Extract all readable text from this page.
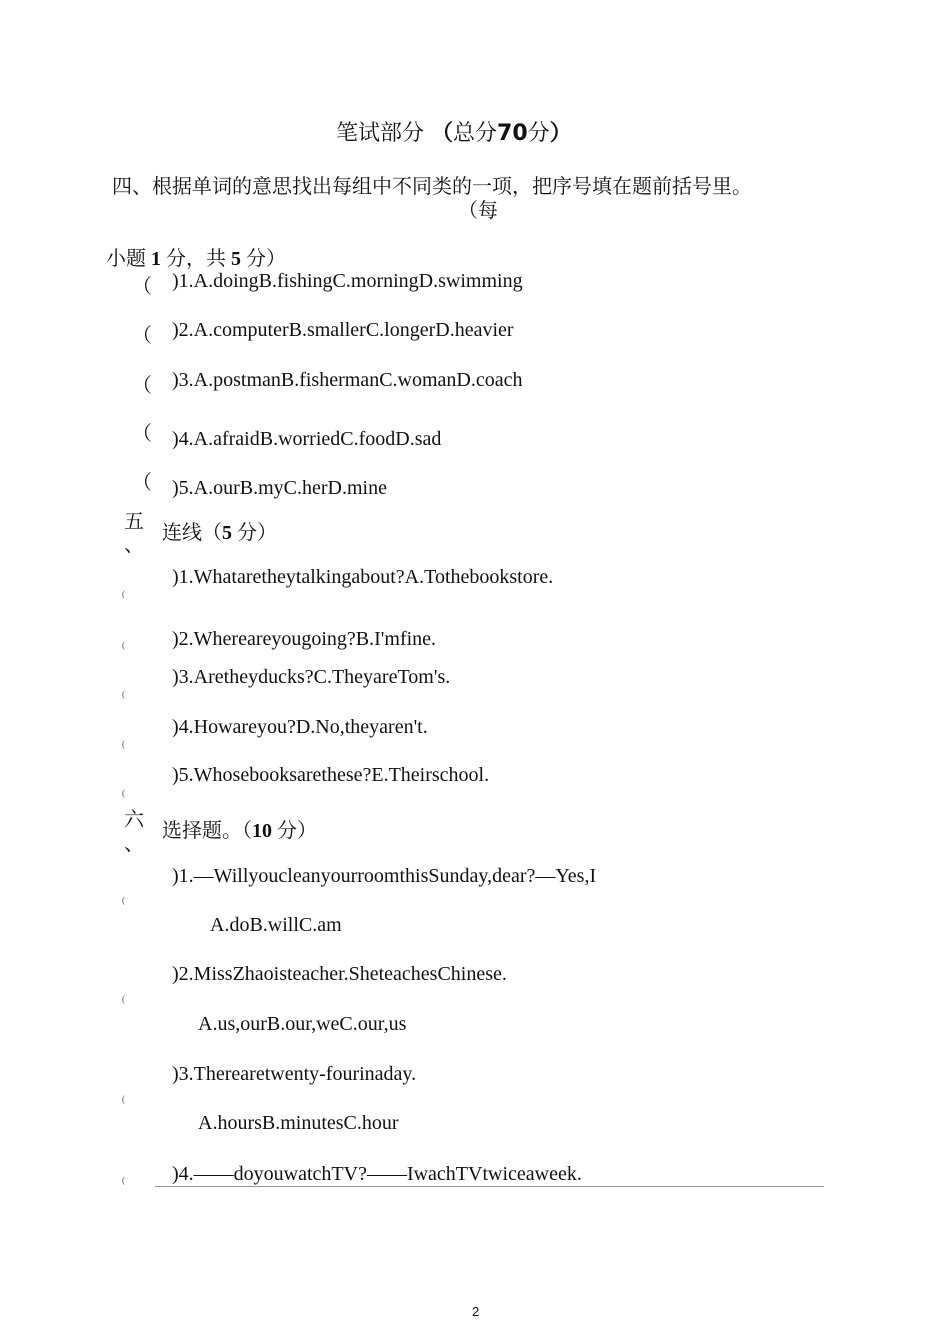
笔试部分 （总分70分）
四、根据单词的意思找出每组中不同类的一项，把序号填在题前括号里。
（每
小题 1 分，共 5 分）
（ )1.A.doingB.fishingC.morningD.swimming
（ )2.A.computerB.smallerC.longerD.heavier
（ )3.A.postmanB.fishermanC.womanD.coach
（ )4.A.afraidB.worriedC.foodD.sad
（ )5.A.ourB.myC.herD.mine
五
、
连线（5 分）
(
)1.Whataretheytalkingabout?A.Tothebookstore.
( )2.Whereareyougoing?B.I'mfine.
(
)3.Aretheyducks?C.TheyareTom's.
(
)4.Howareyou?D.No,theyaren't.
(
)5.Whosebooksarethese?E.Theirschool.
六
、
选择题。（10 分）
(
)1.—WillyoucleanyourroomthisSunday,dear?—Yes,I
A.doB.willC.am
(
)2.MissZhaoisteacher.SheteachesChinese.
A.us,ourB.our,weC.our,us
(
)3.Therearetwenty-fourinaday.
A.hoursB.minutesC.hour
( )4.——doyouwatchTV?——IwachTVtwiceaweek.
2
